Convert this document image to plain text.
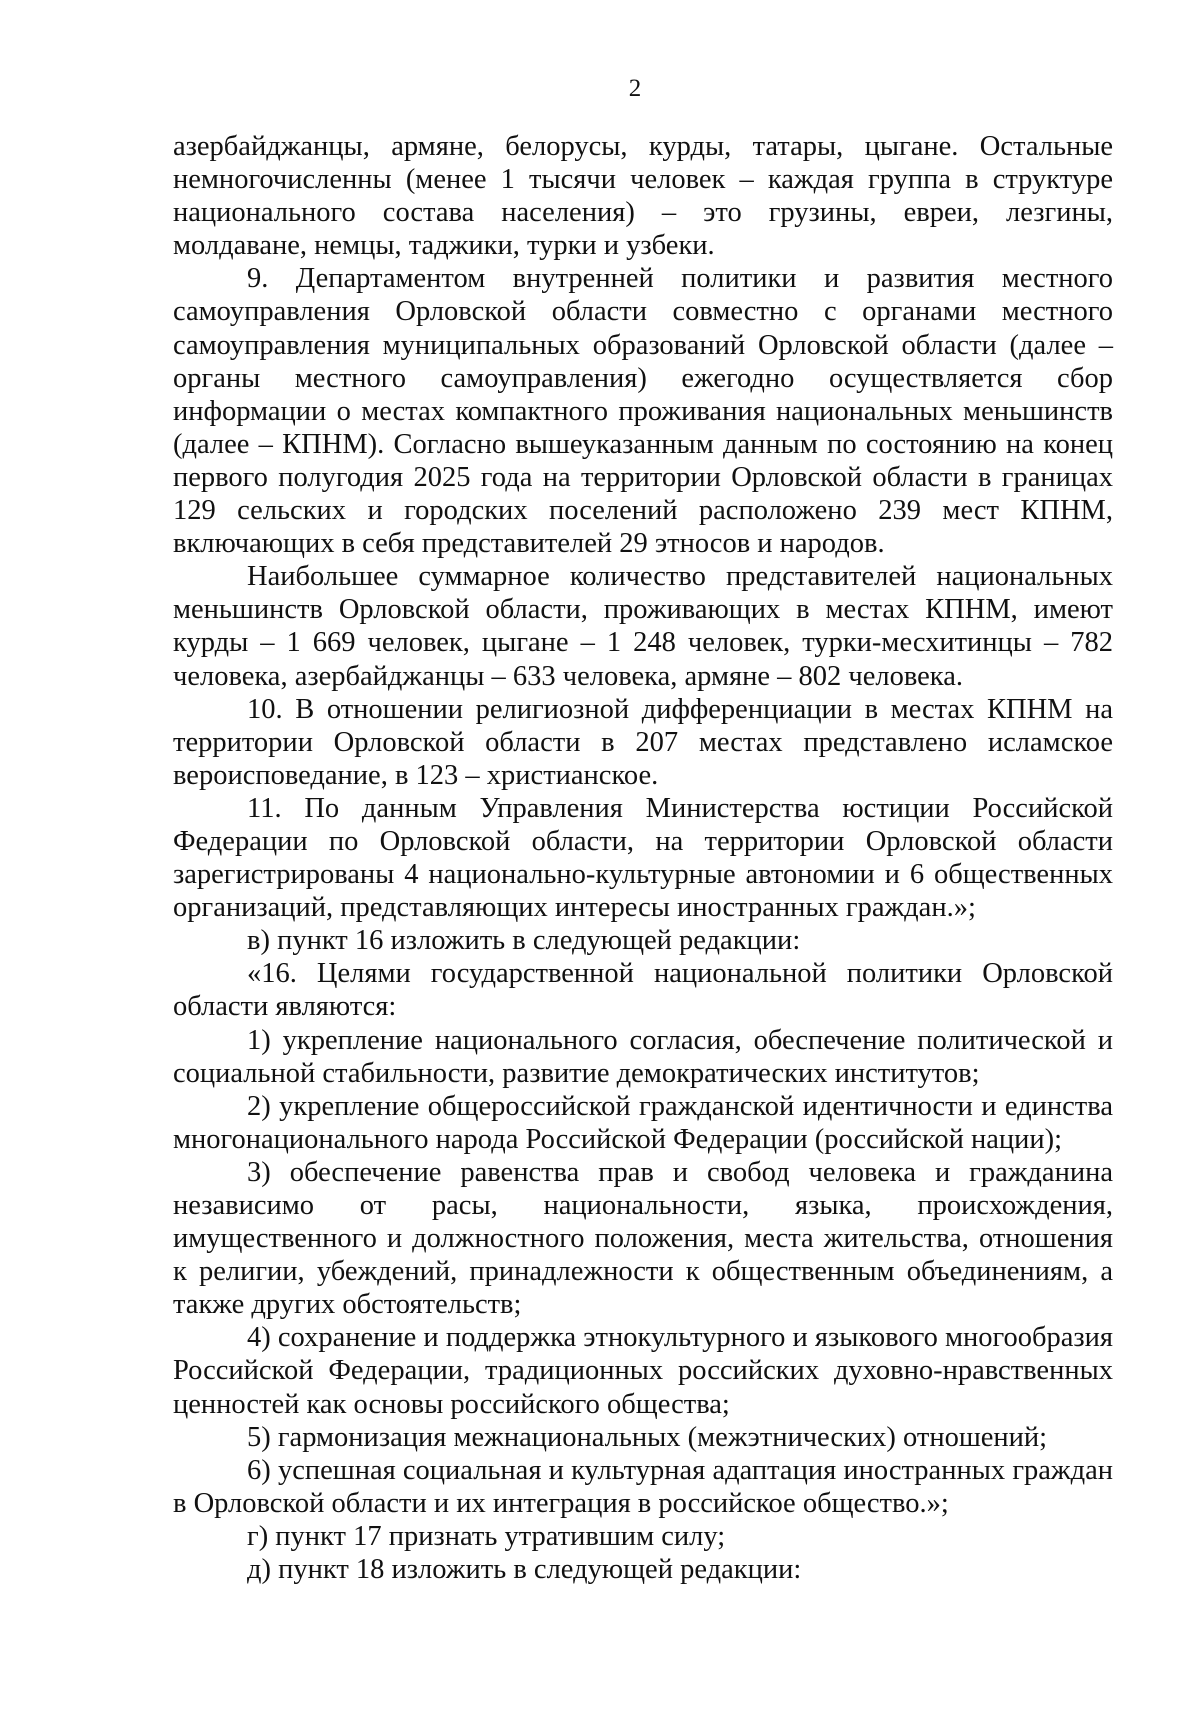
2

азербайджанцы, армяне, белорусы, курды, татары, цыгане. Остальные немногочисленны (менее 1 тысячи человек – каждая группа в структуре национального состава населения) – это грузины, евреи, лезгины, молдаване, немцы, таджики, турки и узбеки.

9. Департаментом внутренней политики и развития местного самоуправления Орловской области совместно с органами местного самоуправления муниципальных образований Орловской области (далее – органы местного самоуправления) ежегодно осуществляется сбор информации о местах компактного проживания национальных меньшинств (далее – КПНМ). Согласно вышеуказанным данным по состоянию на конец первого полугодия 2025 года на территории Орловской области в границах 129 сельских и городских поселений расположено 239 мест КПНМ, включающих в себя представителей 29 этносов и народов.

Наибольшее суммарное количество представителей национальных меньшинств Орловской области, проживающих в местах КПНМ, имеют курды – 1 669 человек, цыгане – 1 248 человек, турки-месхитинцы – 782 человека, азербайджанцы – 633 человека, армяне – 802 человека.

10. В отношении религиозной дифференциации в местах КПНМ на территории Орловской области в 207 местах представлено исламское вероисповедание, в 123 – христианское.

11. По данным Управления Министерства юстиции Российской Федерации по Орловской области, на территории Орловской области зарегистрированы 4 национально-культурные автономии и 6 общественных организаций, представляющих интересы иностранных граждан.»;

в) пункт 16 изложить в следующей редакции:

«16. Целями государственной национальной политики Орловской области являются:

1) укрепление национального согласия, обеспечение политической и социальной стабильности, развитие демократических институтов;

2) укрепление общероссийской гражданской идентичности и единства многонационального народа Российской Федерации (российской нации);

3) обеспечение равенства прав и свобод человека и гражданина независимо от расы, национальности, языка, происхождения, имущественного и должностного положения, места жительства, отношения к религии, убеждений, принадлежности к общественным объединениям, а также других обстоятельств;

4) сохранение и поддержка этнокультурного и языкового многообразия Российской Федерации, традиционных российских духовно-нравственных ценностей как основы российского общества;

5) гармонизация межнациональных (межэтнических) отношений;

6) успешная социальная и культурная адаптация иностранных граждан в Орловской области и их интеграция в российское общество.»;

г) пункт 17 признать утратившим силу;

д) пункт 18 изложить в следующей редакции:
